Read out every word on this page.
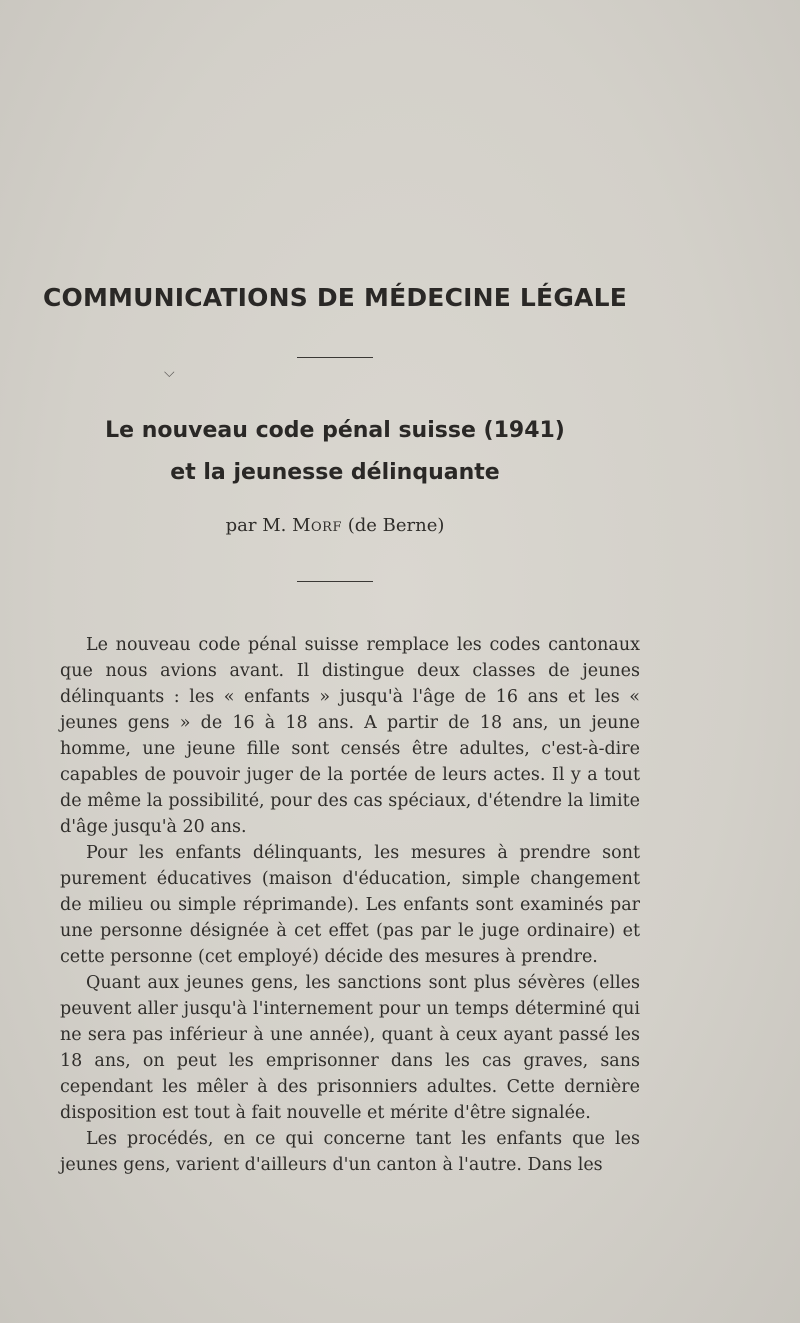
COMMUNICATIONS DE MÉDECINE LÉGALE
⌵
Le nouveau code pénal suisse (1941)
et la jeunesse délinquante
par M. Morf (de Berne)

Le nouveau code pénal suisse remplace les codes cantonaux que nous avions avant. Il distingue deux classes de jeunes délinquants : les « enfants » jusqu'à l'âge de 16 ans et les « jeunes gens » de 16 à 18 ans. A partir de 18 ans, un jeune homme, une jeune fille sont censés être adultes, c'est-à-dire capables de pouvoir juger de la portée de leurs actes. Il y a tout de même la possibilité, pour des cas spéciaux, d'étendre la limite d'âge jusqu'à 20 ans.

Pour les enfants délinquants, les mesures à prendre sont purement éducatives (maison d'éducation, simple changement de milieu ou simple réprimande). Les enfants sont examinés par une personne désignée à cet effet (pas par le juge ordinaire) et cette personne (cet employé) décide des mesures à prendre.

Quant aux jeunes gens, les sanctions sont plus sévères (elles peuvent aller jusqu'à l'internement pour un temps déterminé qui ne sera pas inférieur à une année), quant à ceux ayant passé les 18 ans, on peut les emprisonner dans les cas graves, sans cependant les mêler à des prisonniers adultes. Cette dernière disposition est tout à fait nouvelle et mérite d'être signalée.

Les procédés, en ce qui concerne tant les enfants que les jeunes gens, varient d'ailleurs d'un canton à l'autre. Dans les
